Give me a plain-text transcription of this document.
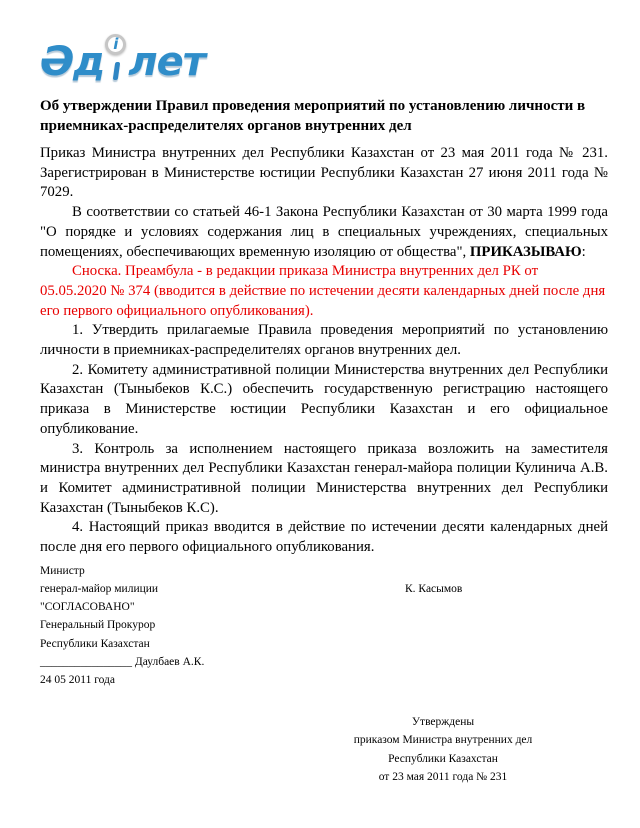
Әд i лет
Об утверждении Правил проведения мероприятий по установлению личности в приемниках-распределителях органов внутренних дел

Приказ Министра внутренних дел Республики Казахстан от 23 мая 2011 года № 231. Зарегистрирован в Министерстве юстиции Республики Казахстан 27 июня 2011 года № 7029.

В соответствии со статьей 46-1 Закона Республики Казахстан от 30 марта 1999 года "О порядке и условиях содержания лиц в специальных учреждениях, специальных помещениях, обеспечивающих временную изоляцию от общества", ПРИКАЗЫВАЮ:

Сноска. Преамбула - в редакции приказа Министра внутренних дел РК от 05.05.2020 № 374 (вводится в действие по истечении десяти календарных дней после дня его первого официального опубликования).

1. Утвердить прилагаемые Правила проведения мероприятий по установлению личности в приемниках-распределителях органов внутренних дел.

2. Комитету административной полиции Министерства внутренних дел Республики Казахстан (Тыныбеков К.С.) обеспечить государственную регистрацию настоящего приказа в Министерстве юстиции Республики Казахстан и его официальное опубликование.

3. Контроль за исполнением настоящего приказа возложить на заместителя министра внутренних дел Республики Казахстан генерал-майора полиции Кулинича А.В. и Комитет административной полиции Министерства внутренних дел Республики Казахстан (Тыныбеков К.С).

4. Настоящий приказ вводится в действие по истечении десяти календарных дней после дня его первого официального опубликования.

Министр
генерал-майор милиции	К. Касымов
"СОГЛАСОВАНО"
Генеральный Прокурор
Республики Казахстан
________________ Даулбаев А.К.
24 05 2011 года
Утверждены
приказом Министра внутренних дел
Республики Казахстан
от 23 мая 2011 года № 231
